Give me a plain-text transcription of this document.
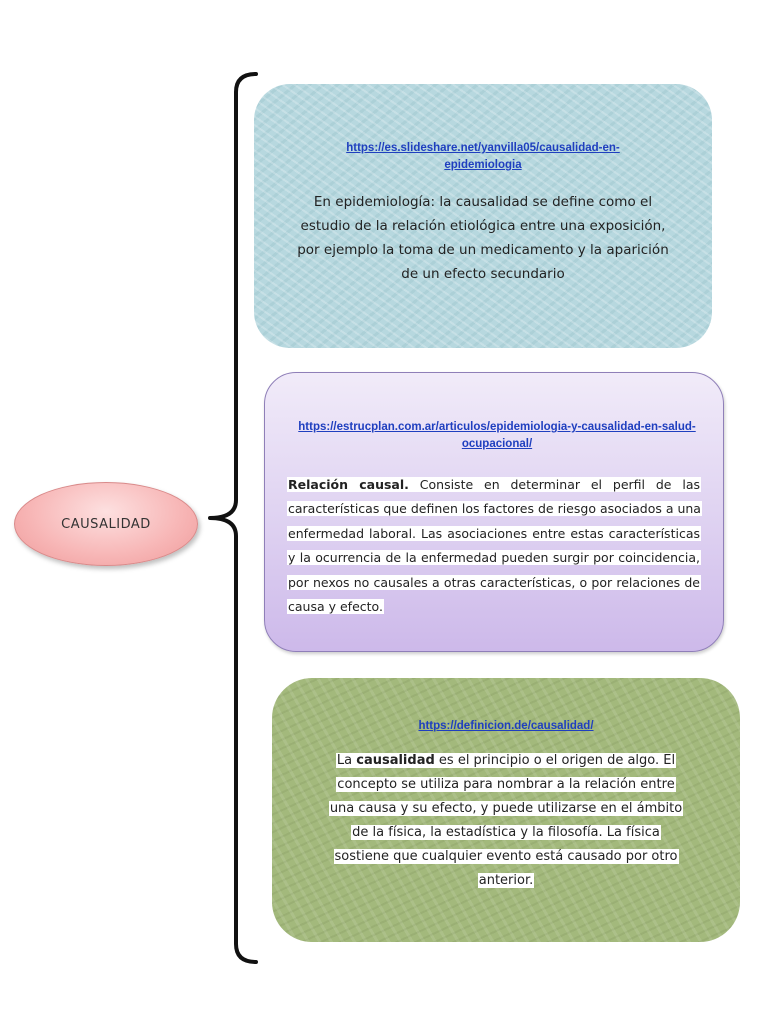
CAUSALIDAD
https://es.slideshare.net/yanvilla05/causalidad-en-epidemiologia
En epidemiología: la causalidad se define como el estudio de la relación etiológica entre una exposición, por ejemplo la toma de un medicamento y la aparición de un efecto secundario
https://estrucplan.com.ar/articulos/epidemiologia-y-causalidad-en-salud-ocupacional/
Relación causal. Consiste en determinar el perfil de las características que definen los factores de riesgo asociados a una enfermedad laboral. Las asociaciones entre estas características y la ocurrencia de la enfermedad pueden surgir por coincidencia, por nexos no causales a otras características, o por relaciones de causa y efecto.
https://definicion.de/causalidad/
La causalidad es el principio o el origen de algo. El concepto se utiliza para nombrar a la relación entre una causa y su efecto, y puede utilizarse en el ámbito de la física, la estadística y la filosofía. La física sostiene que cualquier evento está causado por otro anterior.
